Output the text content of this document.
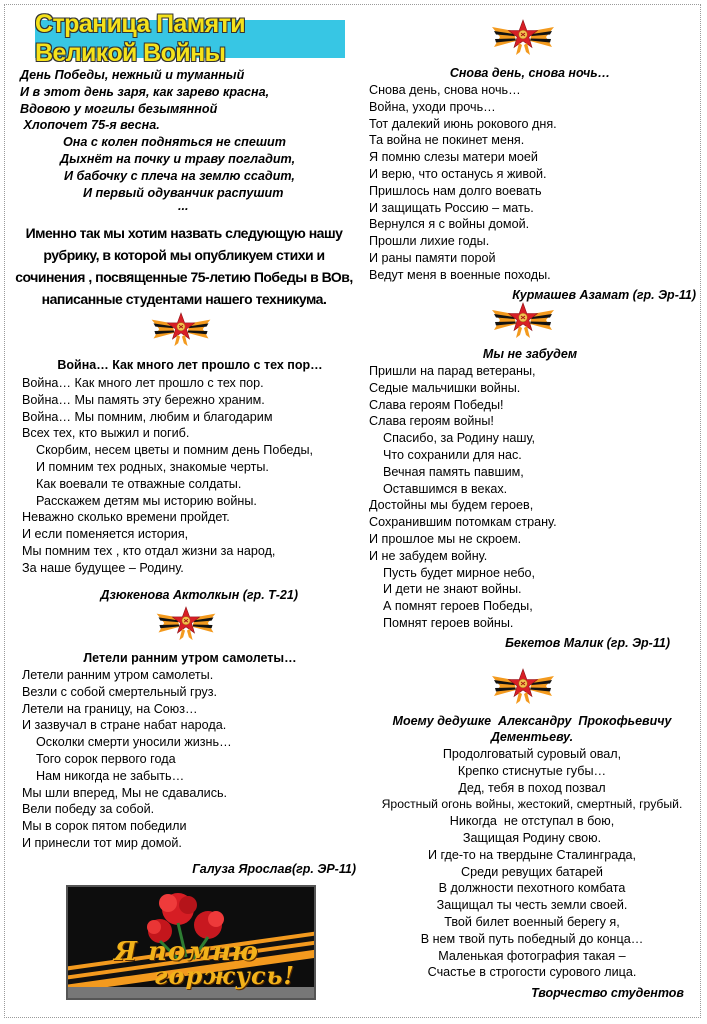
Страница Памяти Великой Войны
День Победы, нежный и туманный
И в этот день заря, как зарево красна,
Вдовою у могилы безымянной
Хлопочет 75-я весна.
Она с колен подняться не спешит
Дыхнёт на почку и траву погладит,
И бабочку с плеча на землю ссадит,
И первый одуванчик распушит
...
Именно так мы хотим назвать следующую нашу рубрику, в которой мы опубликуем стихи и сочинения , посвященные 75-летию Победы в ВОв, написанные студентами нашего техникума.
Война… Как много лет прошло с тех пор…
Война… Как много лет прошло с тех пор.
Война… Мы память эту бережно храним.
Война… Мы помним, любим и благодарим
Всех тех, кто выжил и погиб.
Скорбим, несем цветы и помним день Победы,
И помним тех родных, знакомые черты.
Как воевали те отважные солдаты.
Расскажем детям мы историю войны.
Неважно сколько времени пройдет.
И если поменяется история,
Мы помним тех , кто отдал жизни за народ,
За наше будущее – Родину.
Дзюкенова Актолкын (гр. Т-21)
Летели ранним утром самолеты…
Летели ранним утром самолеты.
Везли с собой смертельный груз.
Летели на границу, на Союз…
И зазвучал в стране набат народа.
Осколки смерти уносили жизнь…
Того сорок первого года
Нам никогда не забыть…
Мы шли вперед, Мы не сдавались.
Вели победу за собой.
Мы в сорок пятом победили
И принесли тот мир домой.
Галуза Ярослав(гр. ЭР-11)
Я помню
горжусь!
Снова день, снова ночь…
Снова день, снова ночь…
Война, уходи прочь…
Тот далекий июнь рокового дня.
Та война не покинет меня.
Я помню слезы матери моей
И верю, что останусь я живой.
Пришлось нам долго воевать
И защищать Россию – мать.
Вернулся я с войны домой.
Прошли лихие годы.
И раны памяти порой
Ведут меня в военные походы.
Курмашев Азамат (гр. Эр-11)
Мы не забудем
Пришли на парад ветераны,
Седые мальчишки войны.
Слава героям Победы!
Слава героям войны!
Спасибо, за Родину нашу,
Что сохранили для нас.
Вечная память павшим,
Оставшимся в веках.
Достойны мы будем героев,
Сохранившим потомкам страну.
И прошлое мы не скроем.
И не забудем войну.
Пусть будет мирное небо,
И дети не знают войны.
А помнят героев Победы,
Помнят героев войны.
Бекетов Малик (гр. Эр-11)
Моему дедушке  Александру  Прокофьевичу
Дементьеву.
Продолговатый суровый овал,
Крепко стиснутые губы…
Дед, тебя в поход позвал
Яростный огонь войны, жестокий, смертный, грубый.
Никогда  не отступал в бою,
Защищая Родину свою.
И где-то на твердыне Сталинграда,
Среди ревущих батарей
В должности пехотного комбата
Защищал ты честь земли своей.
Твой билет военный берегу я,
В нем твой путь победный до конца…
Маленькая фотография такая –
Счастье в строгости сурового лица.
Творчество студентов
